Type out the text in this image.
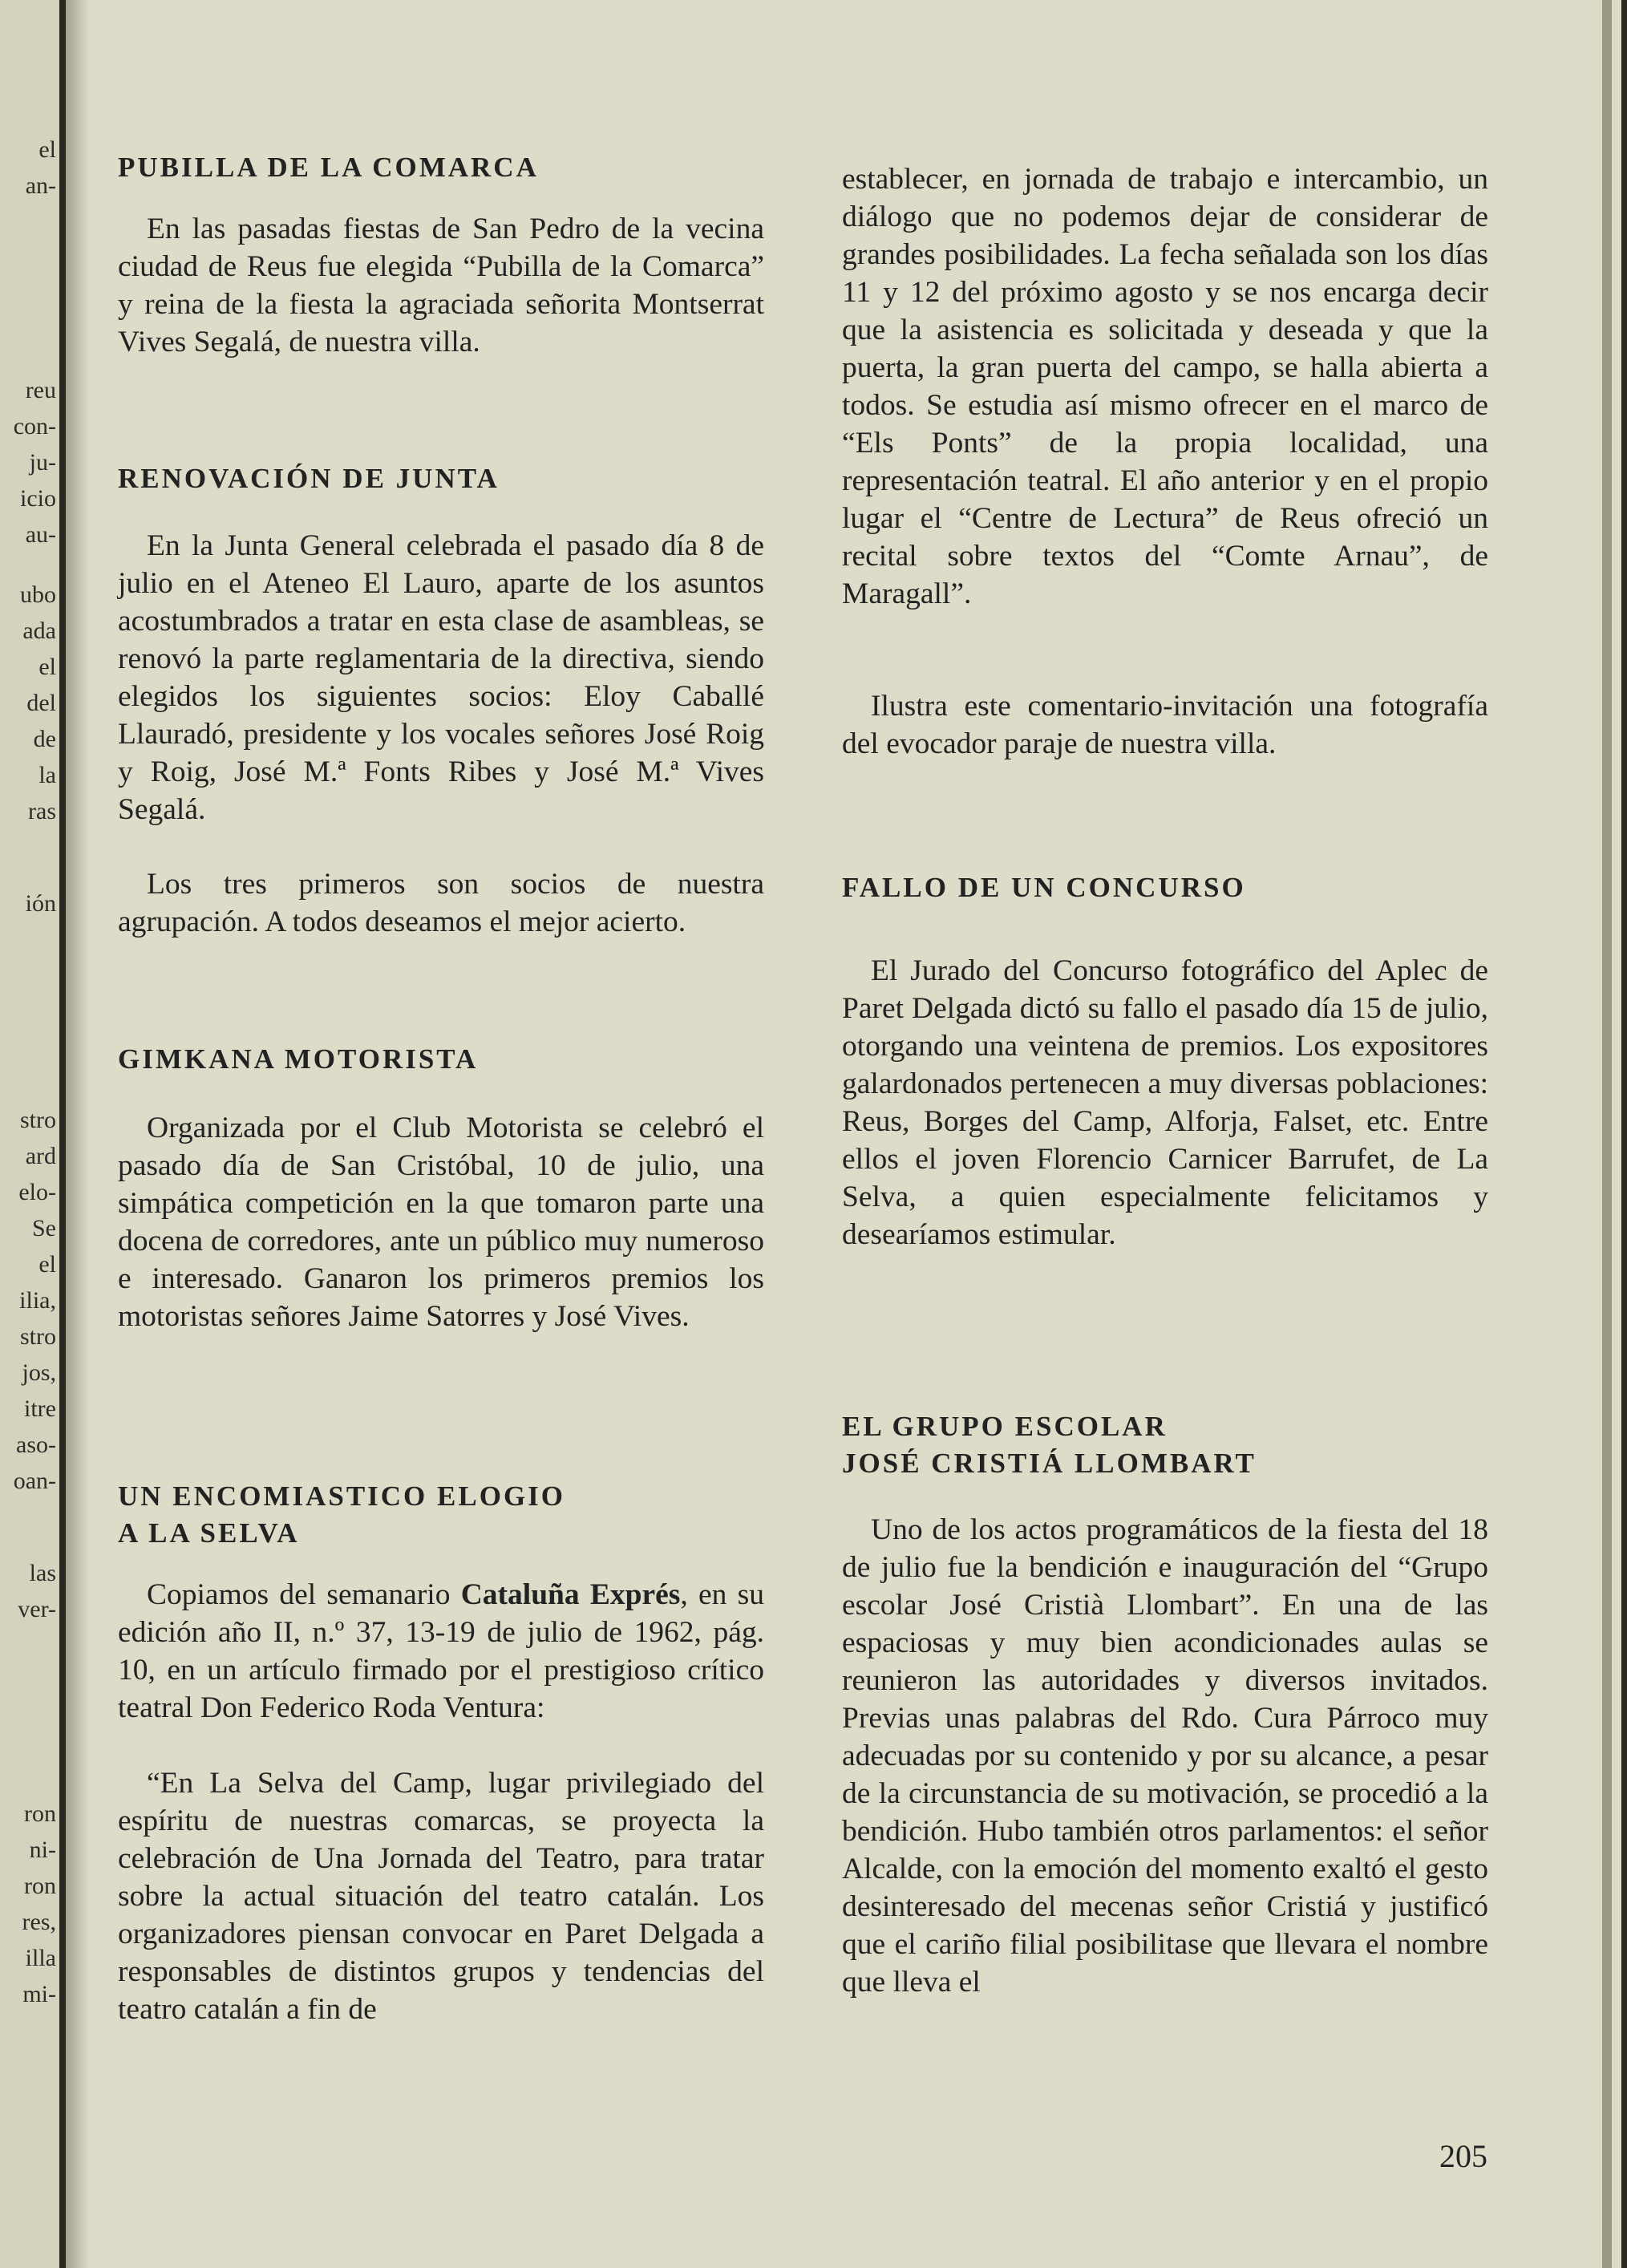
el
an-
reu
con-
ju-
icio
au-
ubo
ada
el
del
de
la
ras
ión
stro
ard
elo-
Se
el
ilia,
stro
jos,
itre
aso-
oan-
las
ver-
ron
ni-
ron
res,
illa
mi-
PUBILLA DE LA COMARCA
En las pasadas fiestas de San Pedro de la vecina ciudad de Reus fue elegida “Pubilla de la Comarca” y reina de la fiesta la agraciada señorita Montserrat Vives Segalá, de nuestra villa.
RENOVACIÓN DE JUNTA
En la Junta General celebrada el pasado día 8 de julio en el Ateneo El Lauro, aparte de los asuntos acostumbrados a tratar en esta clase de asambleas, se renovó la parte reglamentaria de la directiva, siendo elegidos los siguientes socios: Eloy Caballé Llauradó, presidente y los vocales señores José Roig y Roig, José M.ª Fonts Ribes y José M.ª Vives Segalá.
Los tres primeros son socios de nuestra agrupación. A todos deseamos el mejor acierto.
GIMKANA MOTORISTA
Organizada por el Club Motorista se celebró el pasado día de San Cristóbal, 10 de julio, una simpática competición en la que tomaron parte una docena de corredores, ante un público muy numeroso e interesado. Ganaron los primeros premios los motoristas señores Jaime Satorres y José Vives.
UN ENCOMIASTICO ELOGIO
A LA SELVA
Copiamos del semanario Cataluña Exprés, en su edición año II, n.º 37, 13-19 de julio de 1962, pág. 10, en un artículo firmado por el prestigioso crítico teatral Don Federico Roda Ventura:
“En La Selva del Camp, lugar privilegiado del espíritu de nuestras comarcas, se proyecta la celebración de Una Jornada del Teatro, para tratar sobre la actual situación del teatro catalán. Los organizadores piensan convocar en Paret Delgada a responsables de distintos grupos y tendencias del teatro catalán a fin de
establecer, en jornada de trabajo e intercambio, un diálogo que no podemos dejar de considerar de grandes posibilidades. La fecha señalada son los días 11 y 12 del próximo agosto y se nos encarga decir que la asistencia es solicitada y deseada y que la puerta, la gran puerta del campo, se halla abierta a todos. Se estudia así mismo ofrecer en el marco de “Els Ponts” de la propia localidad, una representación teatral. El año anterior y en el propio lugar el “Centre de Lectura” de Reus ofreció un recital sobre textos del “Comte Arnau”, de Maragall”.
Ilustra este comentario-invitación una fotografía del evocador paraje de nuestra villa.
FALLO DE UN CONCURSO
El Jurado del Concurso fotográfico del Aplec de Paret Delgada dictó su fallo el pasado día 15 de julio, otorgando una veintena de premios. Los expositores galardonados pertenecen a muy diversas poblaciones: Reus, Borges del Camp, Alforja, Falset, etc. Entre ellos el joven Florencio Carnicer Barrufet, de La Selva, a quien especialmente felicitamos y desearíamos estimular.
EL GRUPO ESCOLAR
JOSÉ CRISTIÁ LLOMBART
Uno de los actos programáticos de la fiesta del 18 de julio fue la bendición e inauguración del “Grupo escolar José Cristià Llombart”. En una de las espaciosas y muy bien acondicionades aulas se reunieron las autoridades y diversos invitados. Previas unas palabras del Rdo. Cura Párroco muy adecuadas por su contenido y por su alcance, a pesar de la circunstancia de su motivación, se procedió a la bendición. Hubo también otros parlamentos: el señor Alcalde, con la emoción del momento exaltó el gesto desinteresado del mecenas señor Cristiá y justificó que el cariño filial posibilitase que llevara el nombre que lleva el
205
